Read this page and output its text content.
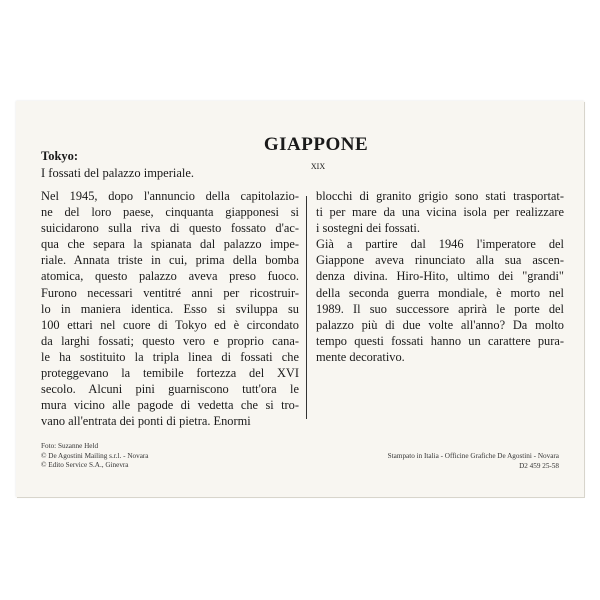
GIAPPONE
XIX
Tokyo:
I fossati del palazzo imperiale.
Nel 1945, dopo l'annuncio della capitolazio-
ne del loro paese, cinquanta giapponesi si
suicidarono sulla riva di questo fossato d'ac-
qua che separa la spianata dal palazzo impe-
riale. Annata triste in cui, prima della bomba
atomica, questo palazzo aveva preso fuoco.
Furono necessari ventitré anni per ricostruir-
lo in maniera identica. Esso si sviluppa su
100 ettari nel cuore di Tokyo ed è circondato
da larghi fossati; questo vero e proprio cana-
le ha sostituito la tripla linea di fossati che
proteggevano la temibile fortezza del XVI
secolo. Alcuni pini guarniscono tutt'ora le
mura vicino alle pagode di vedetta che si tro-
vano all'entrata dei ponti di pietra. Enormi
blocchi di granito grigio sono stati trasportat-
ti per mare da una vicina isola per realizzare
i sostegni dei fossati.
Già a partire dal 1946 l'imperatore del
Giappone aveva rinunciato alla sua ascen-
denza divina. Hiro-Hito, ultimo dei "grandi"
della seconda guerra mondiale, è morto nel
1989. Il suo successore aprirà le porte del
palazzo più di due volte all'anno? Da molto
tempo questi fossati hanno un carattere pura-
mente decorativo.
Foto: Suzanne Held
© De Agostini Mailing s.r.l. - Novara
© Edito Service S.A., Ginevra
Stampato in Italia - Officine Grafiche De Agostini - Novara
D2 459 25-58
